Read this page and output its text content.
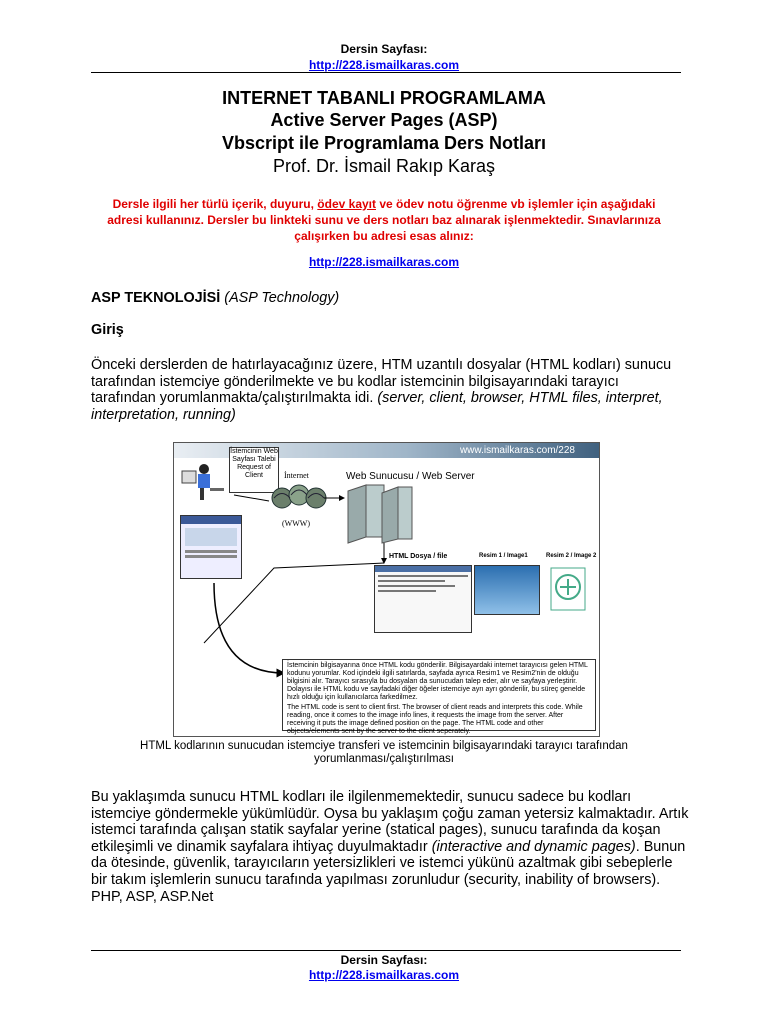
Dersin Sayfası:
http://228.ismailkaras.com
INTERNET TABANLI PROGRAMLAMA
Active Server Pages (ASP)
Vbscript ile Programlama Ders Notları
Prof. Dr. İsmail Rakıp Karaş
Dersle ilgili her türlü içerik, duyuru, ödev kayıt ve ödev notu öğrenme vb işlemler için aşağıdaki adresi kullanınız. Dersler bu linkteki sunu ve ders notları baz alınarak işlenmektedir. Sınavlarınıza çalışırken bu adresi esas alınız:
http://228.ismailkaras.com
ASP TEKNOLOJİSİ (ASP Technology)
Giriş
Önceki derslerden de hatırlayacağınız üzere, HTM uzantılı dosyalar (HTML kodları) sunucu tarafından istemciye gönderilmekte ve bu kodlar istemcinin bilgisayarındaki tarayıcı tarafından yorumlanmakta/çalıştırılmakta idi. (server, client, browser, HTML files, interpret, interpretation, running)
www.ismailkaras.com/228
İstemcinin Web Sayfası Talebi
Request of Client	İnternet
(WWW)
Web Sunucusu / Web Server
HTML Dosya / file	Resim 1 / Image1	Resim 2 / Image 2
İstemcinin bilgisayarına önce HTML kodu gönderilir. Bilgisayardaki internet tarayıcısı gelen HTML kodunu yorumlar. Kod içindeki ilgili satırlarda, sayfada ayrıca Resim1 ve Resim2'nin de olduğu bilgisini alır. Tarayıcı sırasıyla bu dosyaları da sunucudan talep eder, alır ve sayfaya yerleştirir. Dolayısı ile HTML kodu ve sayfadaki diğer öğeler istemciye ayrı ayrı gönderilir, bu süreç genelde hızlı olduğu için kullanıcılarca farkedilmez.
The HTML code is sent to client first. The browser of client reads and interprets this code. While reading, once it comes to the image info lines, it requests the image from the server. After receiving it puts the image defined position on the page. The HTML code and other objects/elements sent by the server to the client seperately.
HTML kodlarının sunucudan istemciye transferi ve istemcinin bilgisayarındaki tarayıcı tarafından
yorumlanması/çalıştırılması
Bu yaklaşımda sunucu HTML kodları ile ilgilenmemektedir, sunucu sadece bu kodları istemciye göndermekle yükümlüdür. Oysa bu yaklaşım çoğu zaman yetersiz kalmaktadır. Artık istemci tarafında çalışan statik sayfalar yerine (statical pages), sunucu tarafında da koşan etkileşimli ve dinamik sayfalara ihtiyaç duyulmaktadır (interactive and dynamic pages). Bunun da ötesinde, güvenlik, tarayıcıların yetersizlikleri ve istemci yükünü azaltmak gibi sebeplerle bir takım işlemlerin sunucu tarafında yapılması zorunludur (security, inability of browsers). PHP, ASP, ASP.Net
Dersin Sayfası:
http://228.ismailkaras.com
